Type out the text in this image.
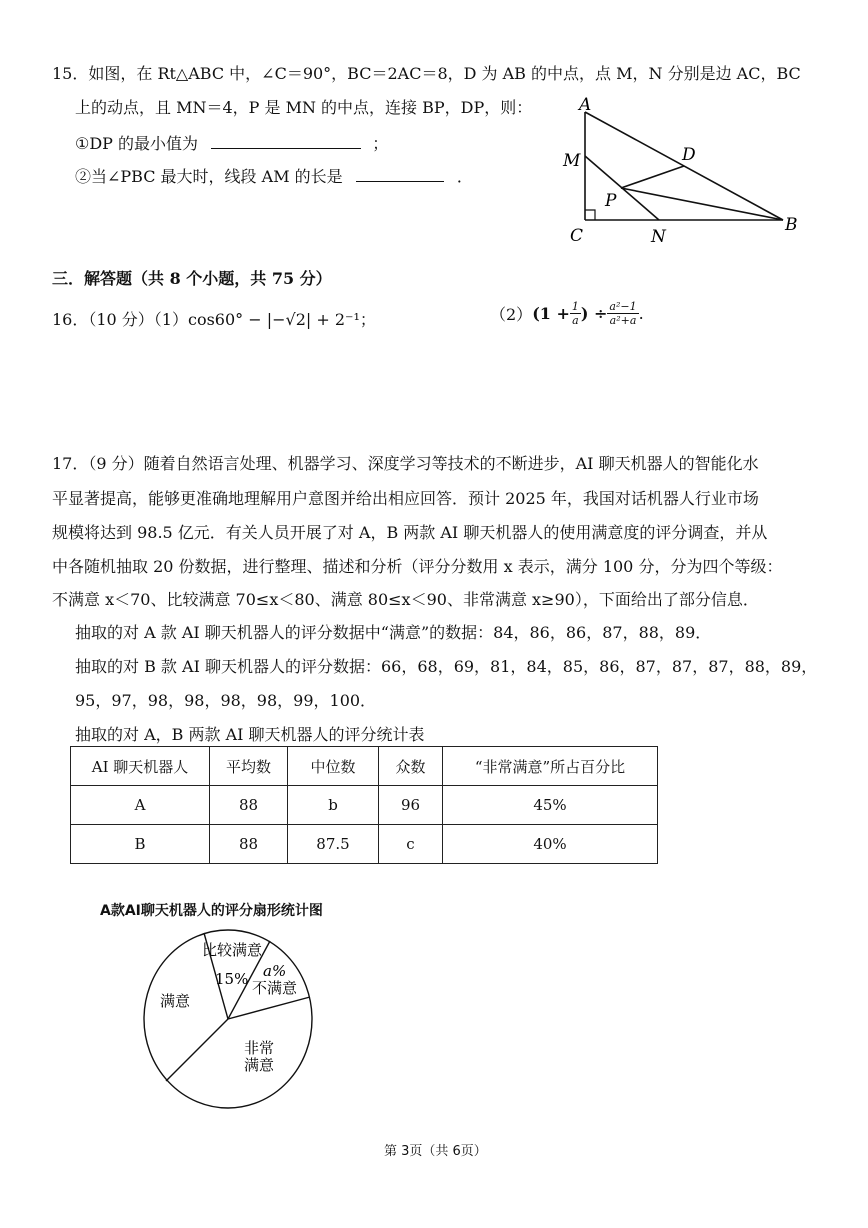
15．如图，在 Rt△ABC 中，∠C＝90°，BC＝2AC＝8，D 为 AB 的中点，点 M，N 分别是边 AC，BC
上的动点，且 MN＝4，P 是 MN 的中点，连接 BP，DP，则：
①DP 的最小值为	；
②当∠PBC 最大时，线段 AM 的长是	．
A
B
C
D
M
N
P
三．解答题（共 8 个小题，共 75 分）
16．（10 分）（1）cos60° − |−√2| + 2⁻¹；	（2） ($1 + \frac{1}{a}$ ) ÷ $\frac{\text{a²−1}}{\text{a²+a}}$ .
17．（9 分）随着自然语言处理、机器学习、深度学习等技术的不断进步，AI 聊天机器人的智能化水
平显著提高，能够更准确地理解用户意图并给出相应回答．预计 2025 年，我国对话机器人行业市场
规模将达到 98.5 亿元．有关人员开展了对 A，B 两款 AI 聊天机器人的使用满意度的评分调查，并从
中各随机抽取 20 份数据，进行整理、描述和分析（评分分数用 x 表示，满分 100 分，分为四个等级：
不满意 x＜70、比较满意 70≤x＜80、满意 80≤x＜90、非常满意 x≥90），下面给出了部分信息．
抽取的对 A 款 AI 聊天机器人的评分数据中“满意”的数据：84，86，86，87，88，89．
抽取的对 B 款 AI 聊天机器人的评分数据：66，68，69，81，84，85，86，87，87，87，88，89，
95，97，98，98，98，98，99，100．
抽取的对 A，B 两款 AI 聊天机器人的评分统计表
AI 聊天机器人	平均数	中位数	众数	“非常满意”所占百分比
A	88	b	96	45%
B	88	87.5	c	40%
A款AI聊天机器人的评分扇形统计图
比较满意
15% a%
不满意
满意
非常
满意
第 3页（共 6页）
